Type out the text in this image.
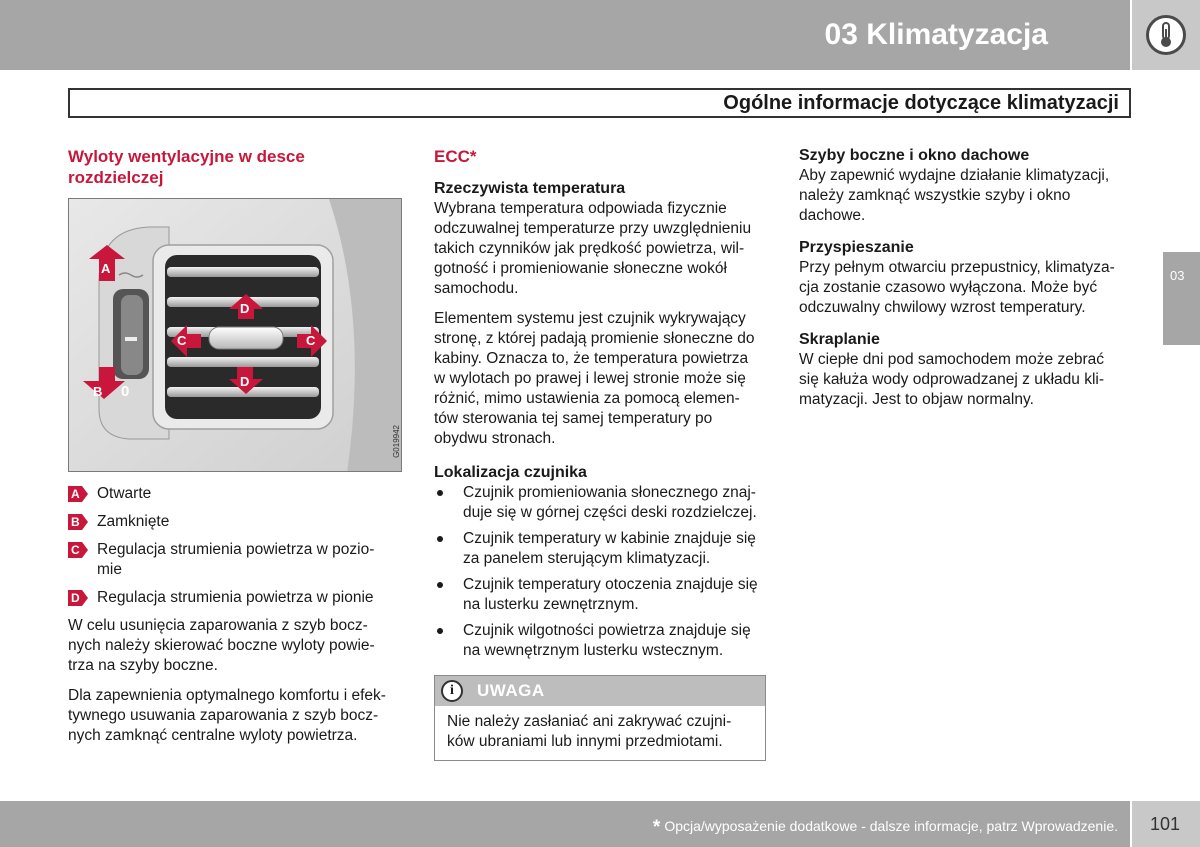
03 Klimatyzacja
Ogólne informacje dotyczące klimatyzacji
Wyloty wentylacyjne w desce rozdzielczej
A
B
D
D
C	C
0
G019942
A Otwarte
B Zamknięte
C Regulacja strumienia powietrza w pozio-
mie
D Regulacja strumienia powietrza w pionie

W celu usunięcia zaparowania z szyb bocz-
nych należy skierować boczne wyloty powie-
trza na szyby boczne.

Dla zapewnienia optymalnego komfortu i efek-
tywnego usuwania zaparowania z szyb bocz-
nych zamknąć centralne wyloty powietrza.

ECC*
Rzeczywista temperatura

Wybrana temperatura odpowiada fizycznie
odczuwalnej temperaturze przy uwzględnieniu
takich czynników jak prędkość powietrza, wil-
gotność i promieniowanie słoneczne wokół
samochodu.

Elementem systemu jest czujnik wykrywający
stronę, z której padają promienie słoneczne do
kabiny. Oznacza to, że temperatura powietrza
w wylotach po prawej i lewej stronie może się
różnić, mimo ustawienia za pomocą elemen-
tów sterowania tej samej temperatury po
obydwu stronach.

Lokalizacja czujnika
Czujnik promieniowania słonecznego znaj-
duje się w górnej części deski rozdzielczej.
Czujnik temperatury w kabinie znajduje się
za panelem sterującym klimatyzacji.
Czujnik temperatury otoczenia znajduje się
na lusterku zewnętrznym.
Czujnik wilgotności powietrza znajduje się
na wewnętrznym lusterku wstecznym.
i	UWAGA
Nie należy zasłaniać ani zakrywać czujni-
ków ubraniami lub innymi przedmiotami.
Szyby boczne i okno dachowe

Aby zapewnić wydajne działanie klimatyzacji,
należy zamknąć wszystkie szyby i okno
dachowe.

Przyspieszanie

Przy pełnym otwarciu przepustnicy, klimatyza-
cja zostanie czasowo wyłączona. Może być
odczuwalny chwilowy wzrost temperatury.

Skraplanie

W ciepłe dni pod samochodem może zebrać
się kałuża wody odprowadzanej z układu kli-
matyzacji. Jest to objaw normalny.

03
* Opcja/wyposażenie dodatkowe - dalsze informacje, patrz Wprowadzenie. 101
